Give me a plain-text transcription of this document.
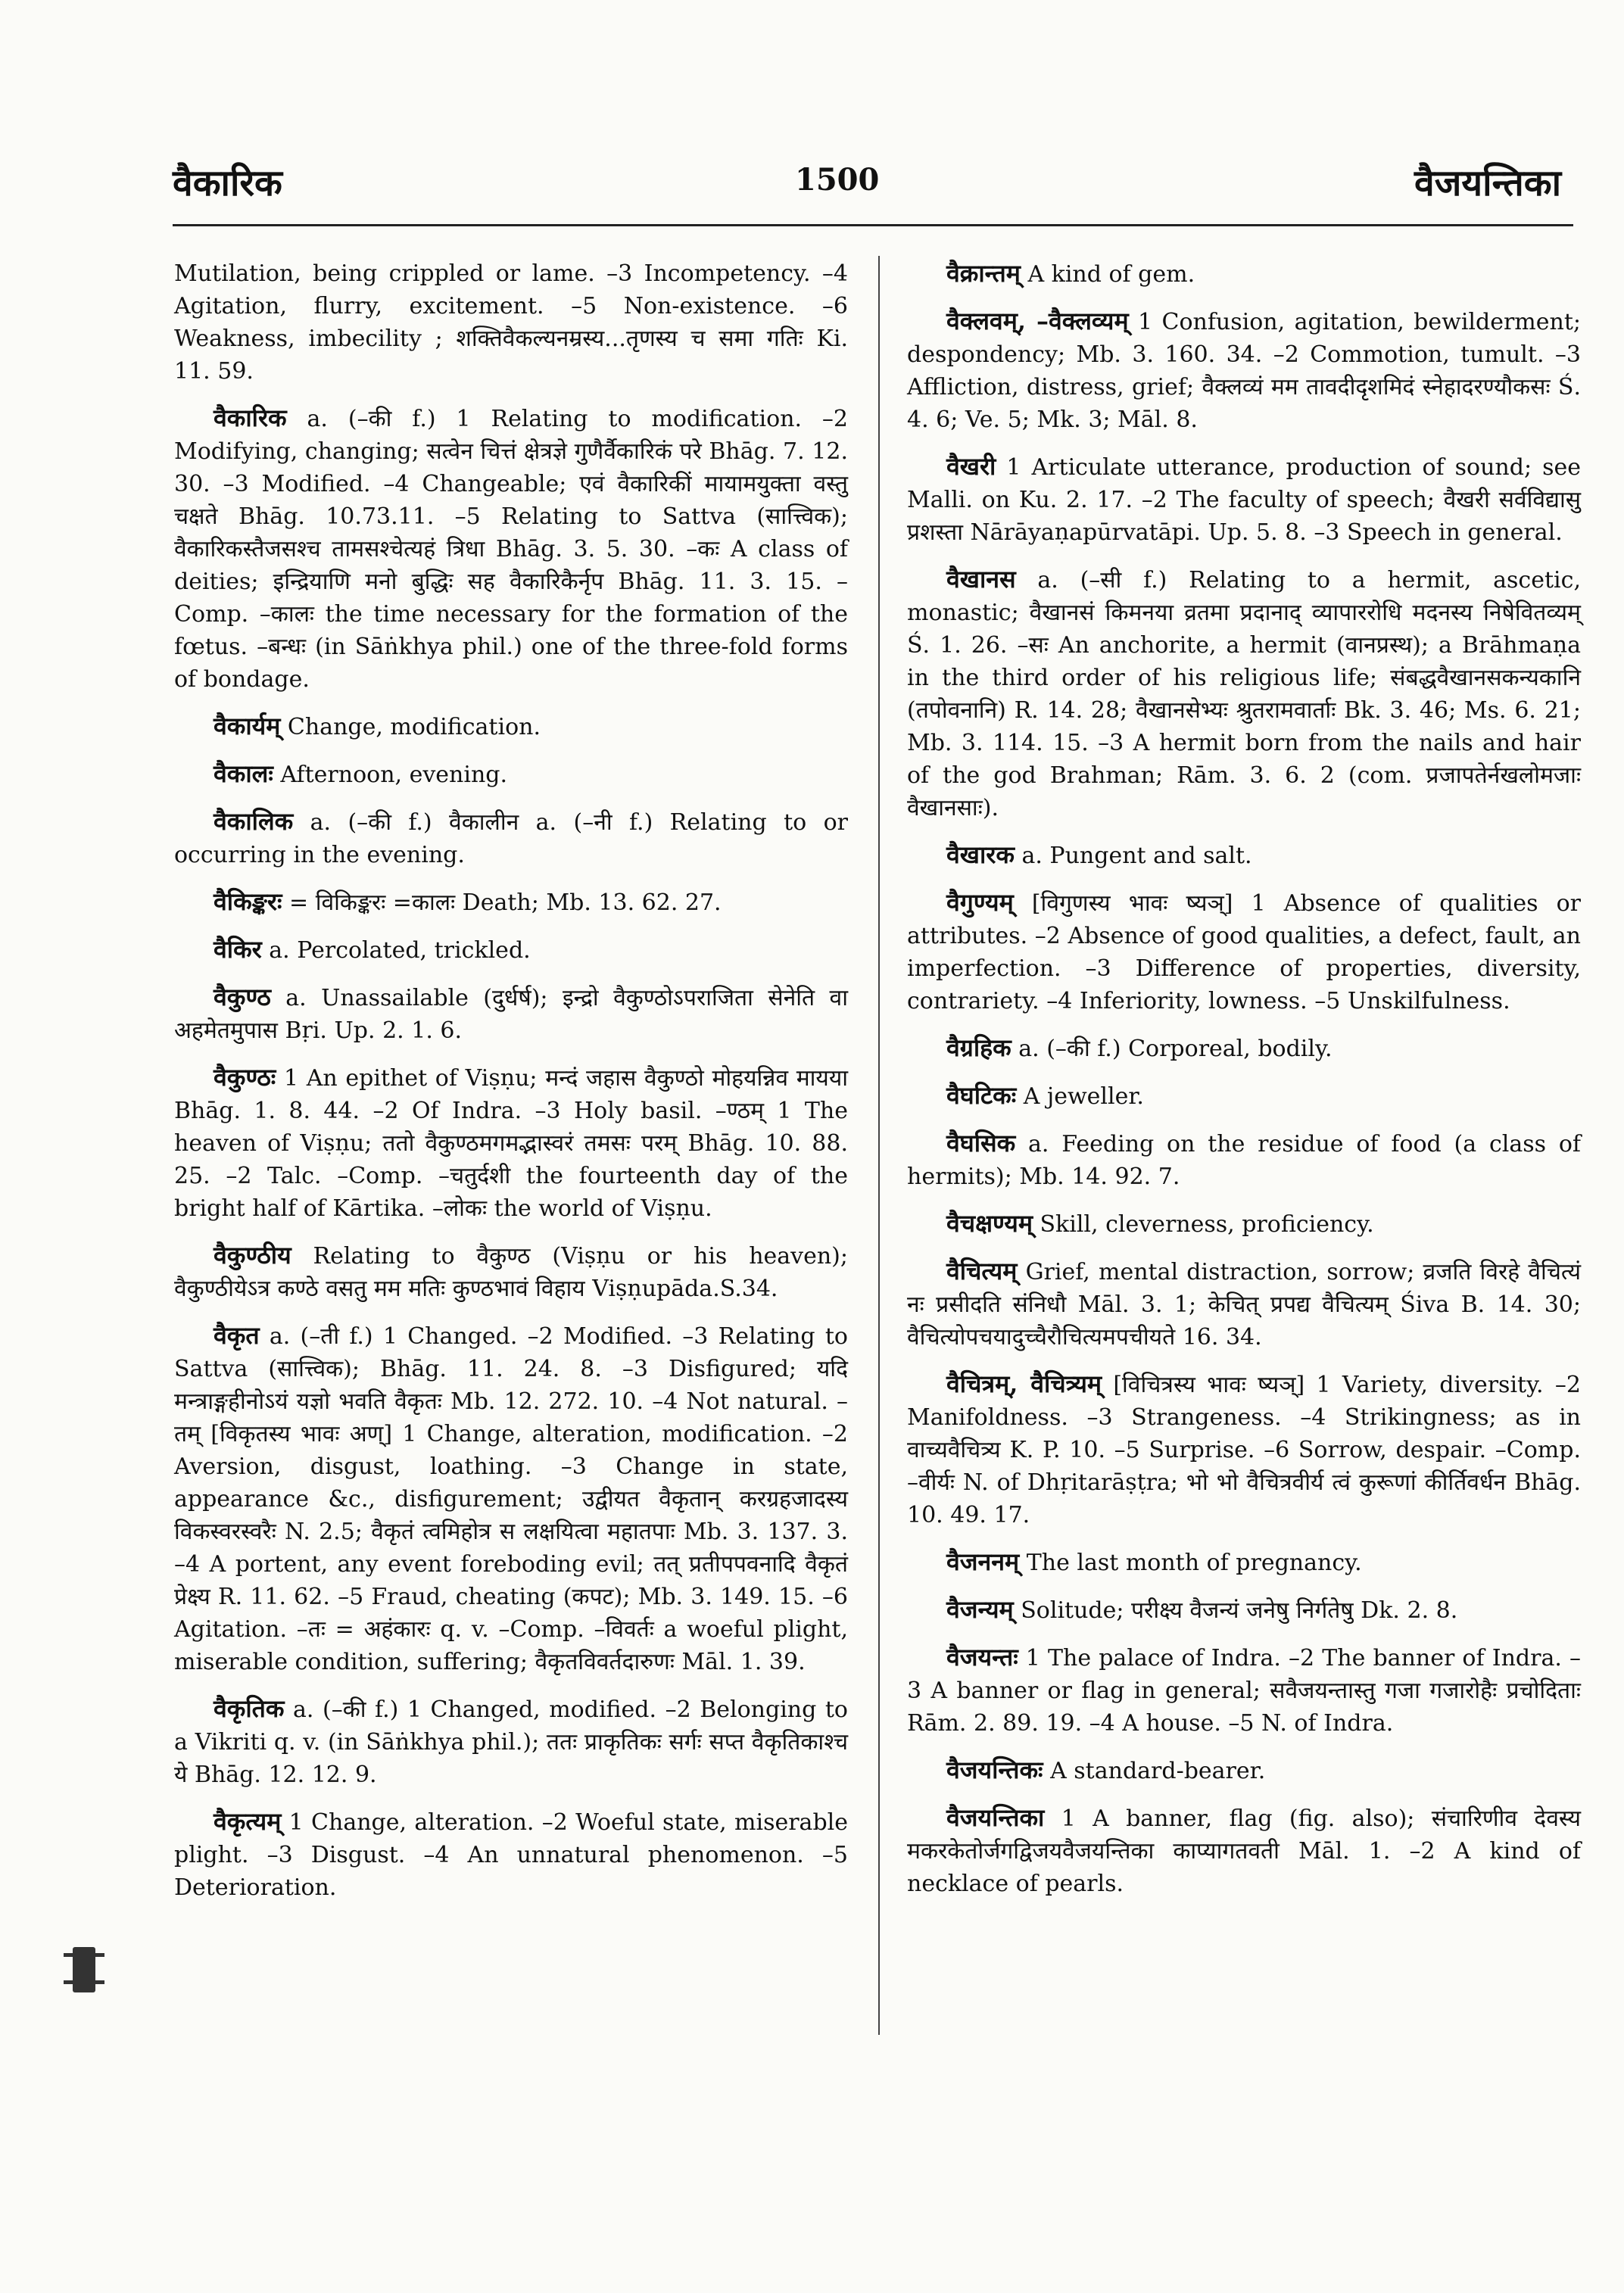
वैकारिक	1500	वैजयन्तिका

Mutilation, being crippled or lame. –3 Incompetency. –4 Agitation, flurry, excitement. –5 Non-existence. –6 Weakness, imbecility ; शक्तिवैकल्यनम्रस्य...तृणस्य च समा गतिः Ki. 11. 59.

वैकारिक a. (–की f.) 1 Relating to modification. –2 Modifying, changing; सत्वेन चित्तं क्षेत्रज्ञे गुणैर्वैकारिकं परे Bhāg. 7. 12. 30. –3 Modified. –4 Changeable; एवं वैकारिकीं मायामयुक्ता वस्तु चक्षते Bhāg. 10.73.11. –5 Relating to Sattva (सात्त्विक); वैकारिकस्तैजसश्च तामसश्चेत्यहं त्रिधा Bhāg. 3. 5. 30. –कः A class of deities; इन्द्रियाणि मनो बुद्धिः सह वैकारिकैर्नृप Bhāg. 11. 3. 15. –Comp. –कालः the time necessary for the formation of the fœtus. –बन्धः (in Sāṅkhya phil.) one of the three-fold forms of bondage.

वैकार्यम् Change, modification.

वैकालः Afternoon, evening.

वैकालिक a. (–की f.) वैकालीन a. (–नी f.) Relating to or occurring in the evening.

वैकिङ्करः = विकिङ्करः =कालः Death; Mb. 13. 62. 27.

वैकिर a. Percolated, trickled.

वैकुण्ठ a. Unassailable (दुर्धर्ष); इन्द्रो वैकुण्ठोऽपराजिता सेनेति वा अहमेतमुपास Bṛi. Up. 2. 1. 6.

वैकुण्ठः 1 An epithet of Viṣṇu; मन्दं जहास वैकुण्ठो मोहयन्निव मायया Bhāg. 1. 8. 44. –2 Of Indra. –3 Holy basil. –ण्ठम् 1 The heaven of Viṣṇu; ततो वैकुण्ठमगमद्भास्वरं तमसः परम् Bhāg. 10. 88. 25. –2 Talc. –Comp. –चतुर्दशी the fourteenth day of the bright half of Kārtika. –लोकः the world of Viṣṇu.

वैकुण्ठीय Relating to वैकुण्ठ (Viṣṇu or his heaven); वैकुण्ठीयेऽत्र कण्ठे वसतु मम मतिः कुण्ठभावं विहाय Viṣṇupāda.S.34.

वैकृत a. (–ती f.) 1 Changed. –2 Modified. –3 Relating to Sattva (सात्त्विक); Bhāg. 11. 24. 8. –3 Disfigured; यदि मन्त्राङ्गहीनोऽयं यज्ञो भवति वैकृतः Mb. 12. 272. 10. –4 Not natural. –तम् [विकृतस्य भावः अण्] 1 Change, alteration, modification. –2 Aversion, disgust, loathing. –3 Change in state, appearance &c., disfigurement; उद्वीयत वैकृतान् करग्रहजादस्य विकस्वरस्वरैः N. 2.5; वैकृतं त्वमिहोत्र स लक्षयित्वा महातपाः Mb. 3. 137. 3. –4 A portent, any event foreboding evil; तत् प्रतीपपवनादि वैकृतं प्रेक्ष्य R. 11. 62. –5 Fraud, cheating (कपट); Mb. 3. 149. 15. –6 Agitation. –तः = अहंकारः q. v. –Comp. –विवर्तः a woeful plight, miserable condition, suffering; वैकृतविवर्तदारुणः Māl. 1. 39.

वैकृतिक a. (–की f.) 1 Changed, modified. –2 Belonging to a Vikriti q. v. (in Sāṅkhya phil.); ततः प्राकृतिकः सर्गः सप्त वैकृतिकाश्च ये Bhāg. 12. 12. 9.

वैकृत्यम् 1 Change, alteration. –2 Woeful state, miserable plight. –3 Disgust. –4 An unnatural phenomenon. –5 Deterioration.

वैक्रान्तम् A kind of gem.

वैक्लवम्, –वैक्लव्यम् 1 Confusion, agitation, bewilderment; despondency; Mb. 3. 160. 34. –2 Commotion, tumult. –3 Affliction, distress, grief; वैक्लव्यं मम तावदीदृशमिदं स्नेहादरण्यौकसः Ś. 4. 6; Ve. 5; Mk. 3; Māl. 8.

वैखरी 1 Articulate utterance, production of sound; see Malli. on Ku. 2. 17. –2 The faculty of speech; वैखरी सर्वविद्यासु प्रशस्ता Nārāyaṇapūrvatāpi. Up. 5. 8. –3 Speech in general.

वैखानस a. (–सी f.) Relating to a hermit, ascetic, monastic; वैखानसं किमनया व्रतमा प्रदानाद् व्यापाररोधि मदनस्य निषेवितव्यम् Ś. 1. 26. –सः An anchorite, a hermit (वानप्रस्थ); a Brāhmaṇa in the third order of his religious life; संबद्धवैखानसकन्यकानि (तपोवनानि) R. 14. 28; वैखानसेभ्यः श्रुतरामवार्ताः Bk. 3. 46; Ms. 6. 21; Mb. 3. 114. 15. –3 A hermit born from the nails and hair of the god Brahman; Rām. 3. 6. 2 (com. प्रजापतेर्नखलोमजाः वैखानसाः).

वैखारक a. Pungent and salt.

वैगुण्यम् [विगुणस्य भावः ष्यञ्] 1 Absence of qualities or attributes. –2 Absence of good qualities, a defect, fault, an imperfection. –3 Difference of properties, diversity, contrariety. –4 Inferiority, lowness. –5 Unskilfulness.

वैग्रहिक a. (–की f.) Corporeal, bodily.

वैघटिकः A jeweller.

वैघसिक a. Feeding on the residue of food (a class of hermits); Mb. 14. 92. 7.

वैचक्षण्यम् Skill, cleverness, proficiency.

वैचित्यम् Grief, mental distraction, sorrow; व्रजति विरहे वैचित्यं नः प्रसीदति संनिधौ Māl. 3. 1; केचित् प्रपद्य वैचित्यम् Śiva B. 14. 30; वैचित्योपचयादुच्चैरौचित्यमपचीयते 16. 34.

वैचित्रम्, वैचित्र्यम् [विचित्रस्य भावः ष्यञ्] 1 Variety, diversity. –2 Manifoldness. –3 Strangeness. –4 Strikingness; as in वाच्यवैचित्र्य K. P. 10. –5 Surprise. –6 Sorrow, despair. –Comp. –वीर्यः N. of Dhṛitarāṣṭra; भो भो वैचित्रवीर्य त्वं कुरूणां कीर्तिवर्धन Bhāg. 10. 49. 17.

वैजननम् The last month of pregnancy.

वैजन्यम् Solitude; परीक्ष्य वैजन्यं जनेषु निर्गतेषु Dk. 2. 8.

वैजयन्तः 1 The palace of Indra. –2 The banner of Indra. –3 A banner or flag in general; सवैजयन्तास्तु गजा गजारोहैः प्रचोदिताः Rām. 2. 89. 19. –4 A house. –5 N. of Indra.

वैजयन्तिकः A standard-bearer.

वैजयन्तिका 1 A banner, flag (fig. also); संचारिणीव देवस्य मकरकेतोर्जगद्विजयवैजयन्तिका काप्यागतवती Māl. 1. –2 A kind of necklace of pearls.
